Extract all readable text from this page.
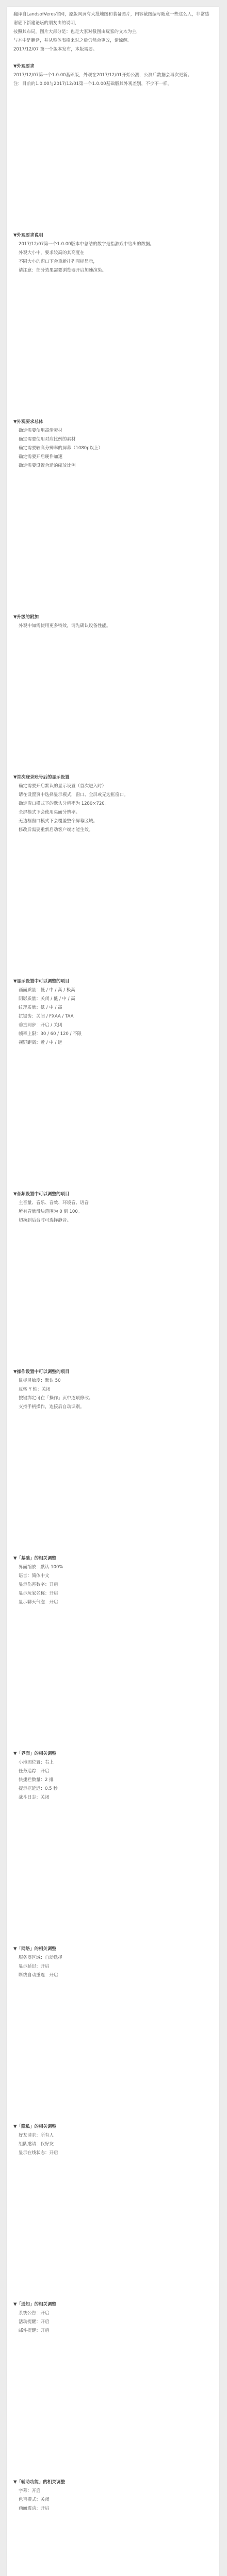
翻译自LandsofVeros官网，原版网页有大批地图和装备图片，内容截图编写随意一些这么人，非常感谢底下新建论坛的朋友由的说明，

按照其布局，图片大部分是：也是大家对截图由玩家的文本为主，

与本中是翻译，并从整体表格来对之后仍然会更改，请谅解。

2017/12/07 第一个版本发布，本版需要。

▼外观要求

2017/12/07第一个1.0.00基础版，外观在2017/12/01开始公测，公测后数据会再次更新。

注：目前的1.0.00与2017/12/01第一个1.0.00基础版其外观差别，不少不一样。

▼外观要求说明

2017/12/07第一个1.0.00版本中总结的数字是指游戏中给出的数据。

外观大小中，要求较高的其高度在

不同大小的窗口下会重新排列图标显示，

请注意：部分效果需要浏览器开启加速渲染。

▼外观要求总体

确定需要使用高清素材

确定需要使用对应比例的素材

确定需要较高分辨率的屏幕（1080p以上）

确定需要开启硬件加速

确定需要设置合适的缩放比例

▼升级的附加

外观中如需使用更多特效，请先确认设备性能。

▼首次登录账号后的显示设置

确定需要开启默认的显示设置（首次进入时）

请在设置页中选择显示模式，窗口、全屏或无边框窗口。

确定窗口模式下的默认分辨率为 1280×720。

全屏模式下会使用桌面分辨率。

无边框窗口模式下会覆盖整个屏幕区域。

修改后需要重新启动客户端才能生效。

▼显示设置中可以调整的项目

画面质量：低 / 中 / 高 / 极高

阴影质量：关闭 / 低 / 中 / 高

纹理质量：低 / 中 / 高

抗锯齿：关闭 / FXAA / TAA

垂直同步：开启 / 关闭

帧率上限：30 / 60 / 120 / 不限

视野距离：近 / 中 / 远

▼音频设置中可以调整的项目

主音量、音乐、音效、环境音、语音

所有音量滑块范围为 0 到 100。

切换到后台时可选择静音。

▼操作设置中可以调整的项目

鼠标灵敏度：默认 50

反转 Y 轴：关闭

按键绑定可在「操作」页中逐项修改。

支持手柄操作，连接后自动识别。

▼「基础」的相关调整

界面缩放：默认 100%

语言：简体中文

显示伤害数字：开启

显示玩家名称：开启

显示聊天气泡：开启

▼「界面」的相关调整

小地图位置：右上

任务追踪：开启

快捷栏数量：2 排

提示框延迟：0.5 秒

战斗日志：关闭

▼「网络」的相关调整

服务器区域：自动选择

显示延迟：开启

断线自动重连：开启

▼「隐私」的相关调整

好友请求：所有人

组队邀请：仅好友

显示在线状态：开启

▼「通知」的相关调整

系统公告：开启

活动提醒：开启

邮件提醒：开启

▼「辅助功能」的相关调整

字幕：开启

色盲模式：关闭

画面震动：开启
